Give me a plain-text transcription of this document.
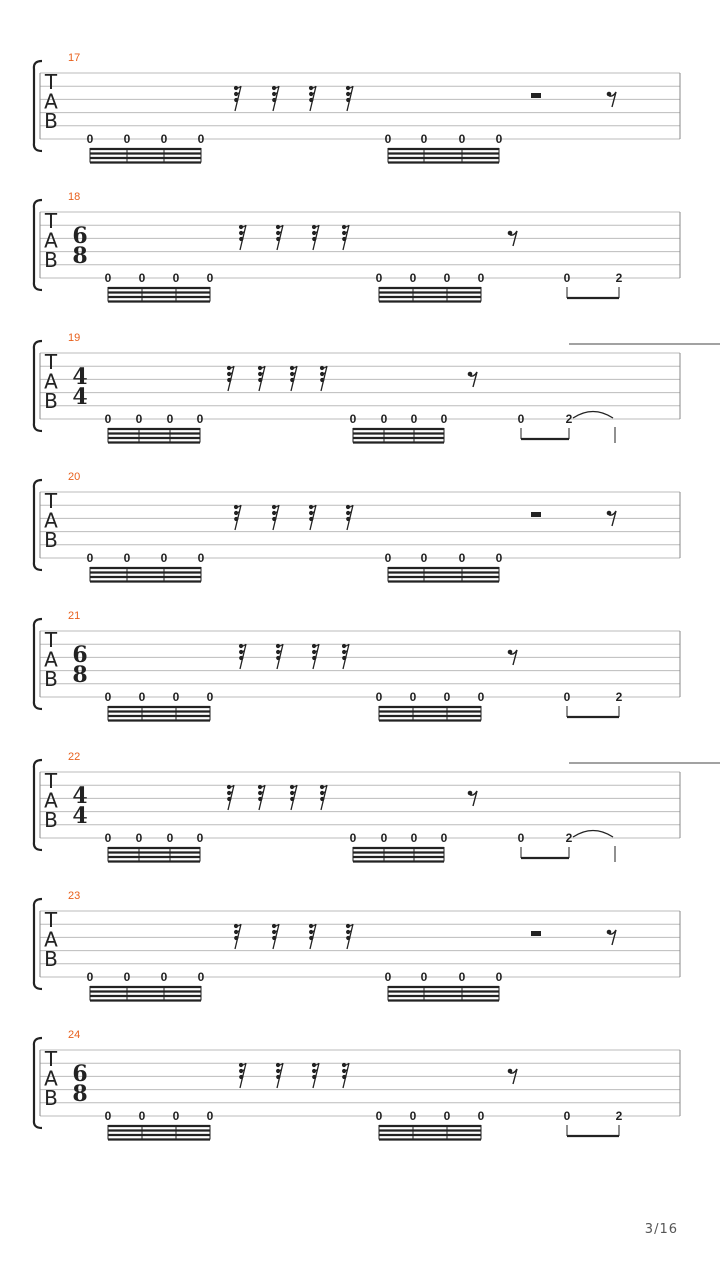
T
A
B
17
0	0	0	0	0 0	0	0
T
A
B
18
6
8
0 0 0 0	0 0 0 0	0	2
T
A
B
19
4
4
0 0 0 0	0 0 0 0	0	2
T
A
B
20
0	0	0	0	0 0	0	0
T
A
B
21
6
8
0 0 0 0	0 0 0 0	0	2
T
A
B
22
4
4
0 0 0 0	0 0 0 0	0	2
T
A
B
23
0	0	0	0	0 0	0	0
T
A
B
24
6
8
0 0 0 0	0 0 0 0	0	2
3/16
